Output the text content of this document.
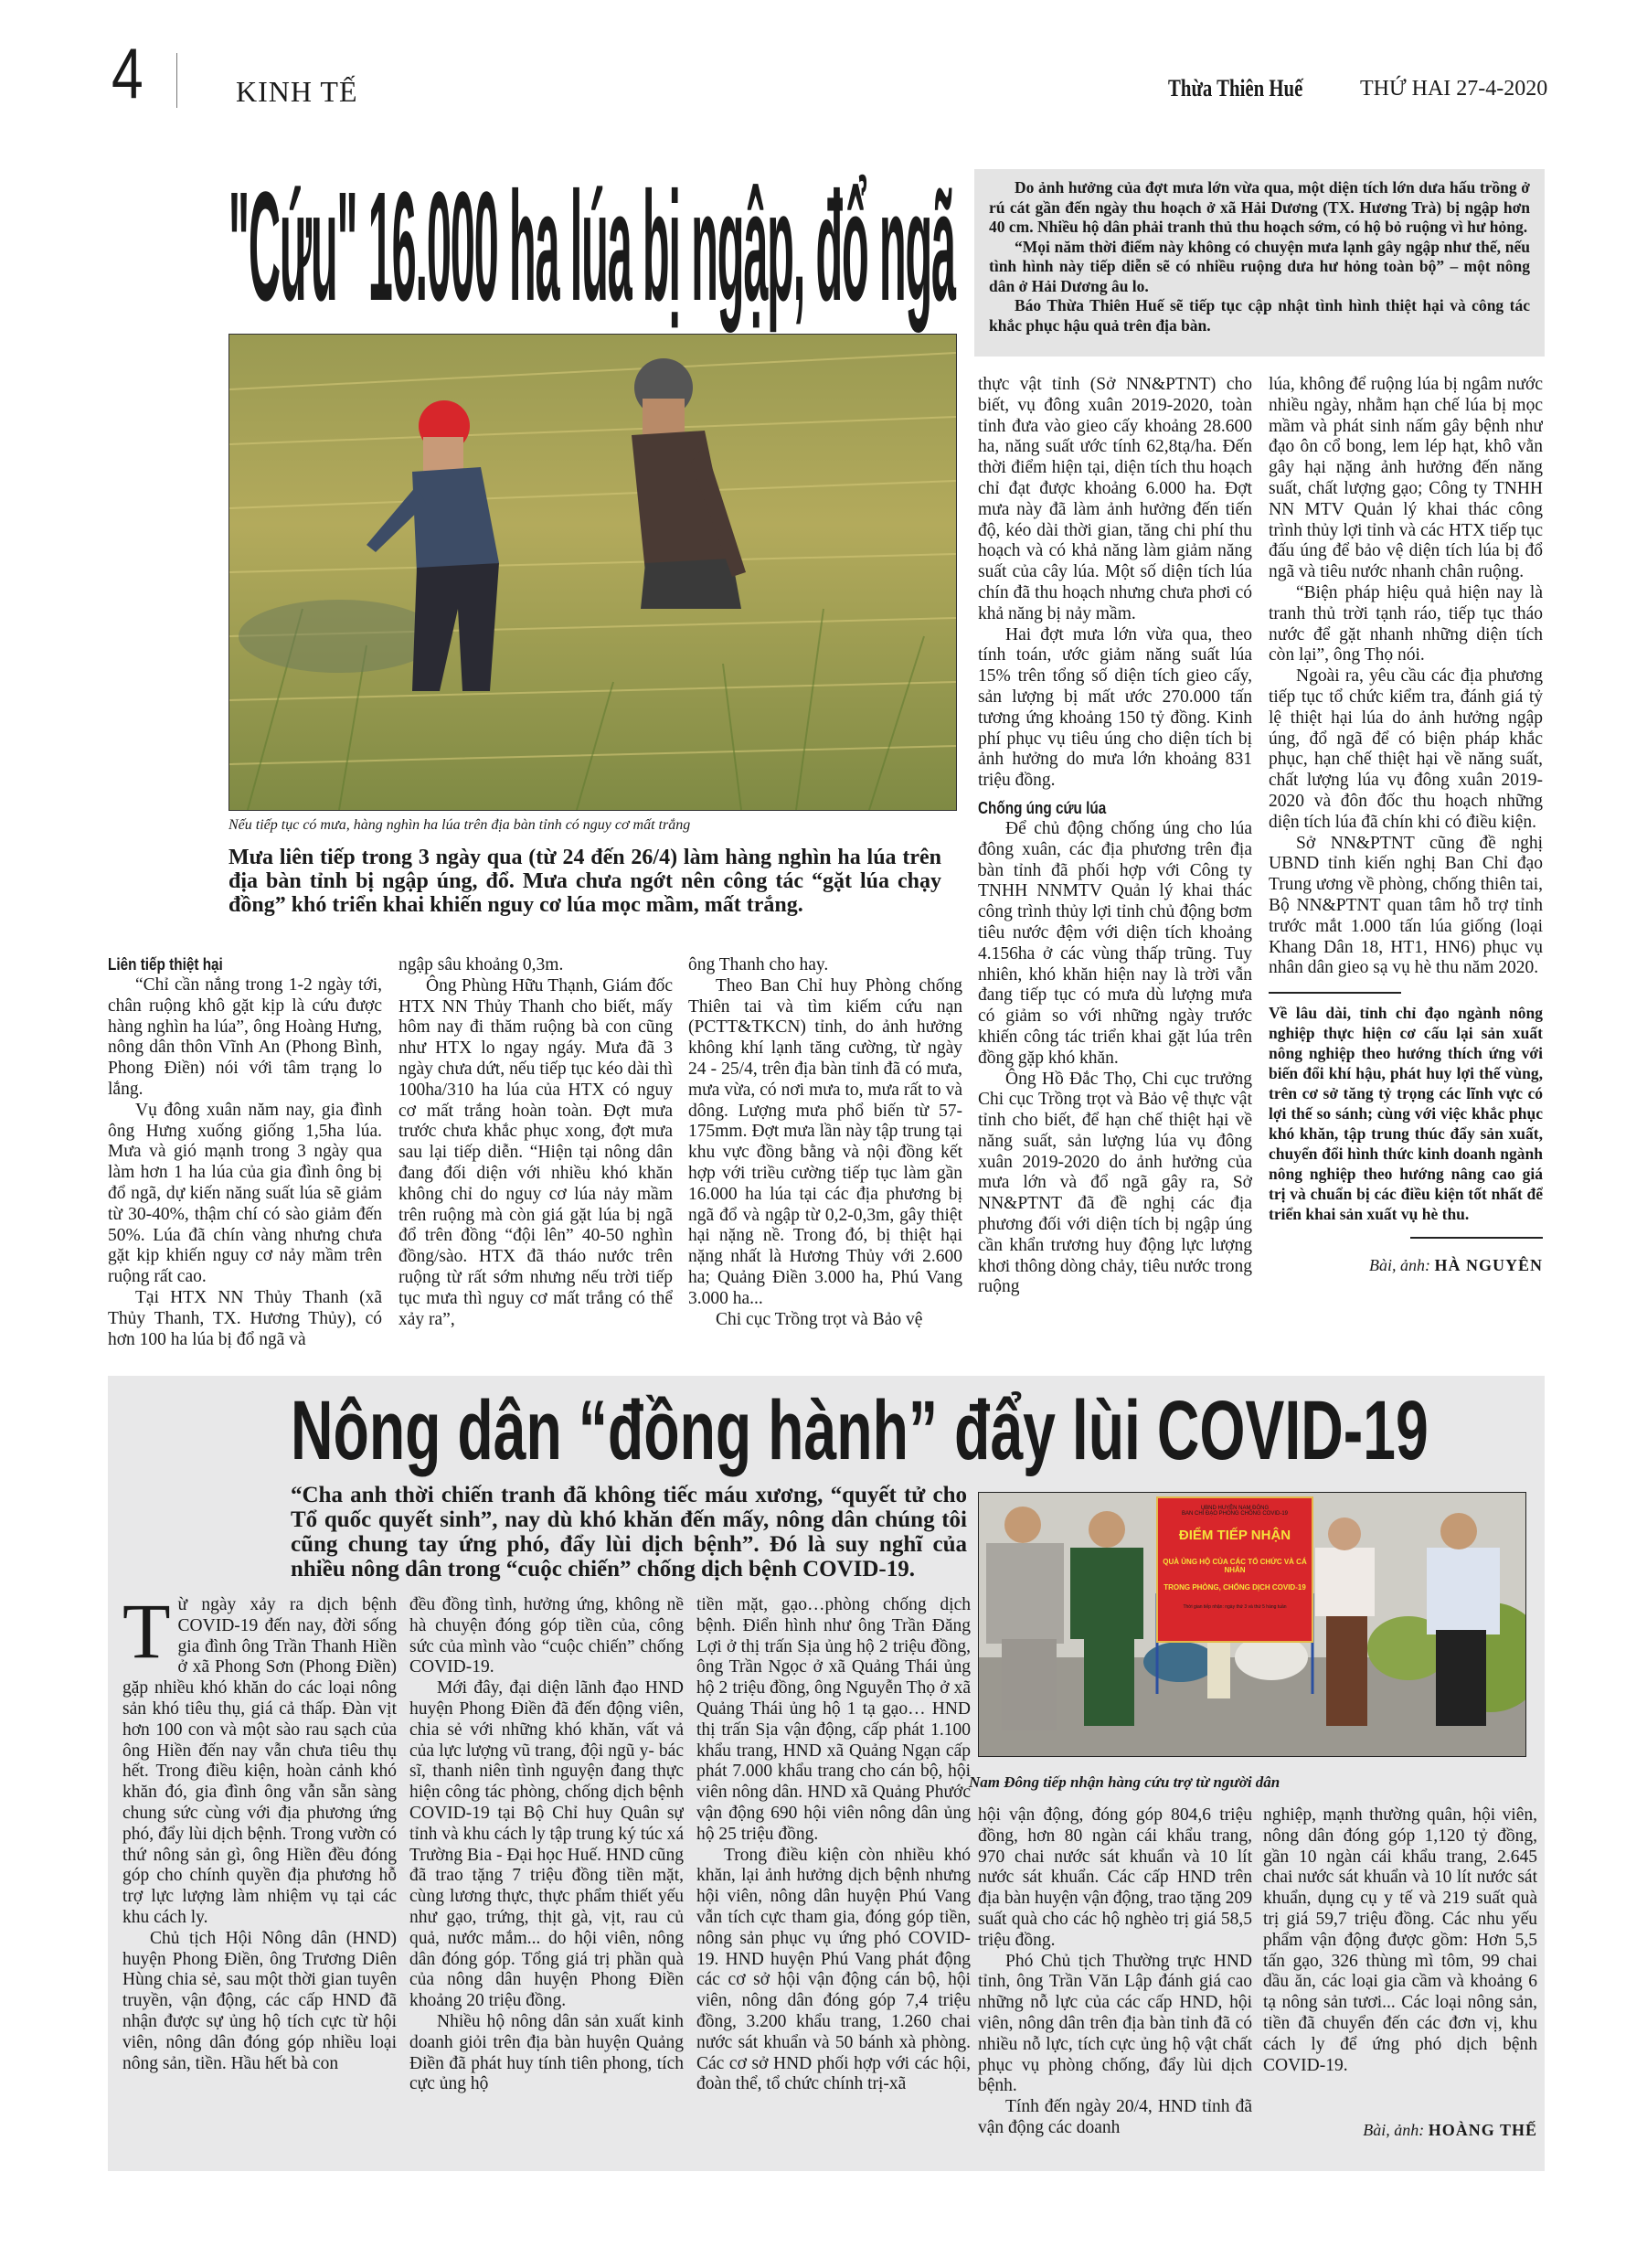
4	KINH TẾ	Thừa Thiên Huế	THỨ HAI 27-4-2020
"Cứu" 16.000 ha lúa bị ngập, đổ ngã	Do ảnh hưởng của đợt mưa lớn vừa qua, một diện tích lớn dưa hấu trồng ở rú cát gần đến ngày thu hoạch ở xã Hải Dương (TX. Hương Trà) bị ngập hơn 40 cm. Nhiều hộ dân phải tranh thủ thu hoạch sớm, có hộ bỏ ruộng vì hư hỏng.

“Mọi năm thời điểm này không có chuyện mưa lạnh gây ngập như thế, nếu tình hình này tiếp diễn sẽ có nhiều ruộng dưa hư hỏng toàn bộ” – một nông dân ở Hải Dương âu lo.

Báo Thừa Thiên Huế sẽ tiếp tục cập nhật tình hình thiệt hại và công tác khắc phục hậu quả trên địa bàn.

Nếu tiếp tục có mưa, hàng nghìn ha lúa trên địa bàn tỉnh có nguy cơ mất trắng
Mưa liên tiếp trong 3 ngày qua (từ 24 đến 26/4) làm hàng nghìn ha lúa trên địa bàn tỉnh bị ngập úng, đổ. Mưa chưa ngớt nên công tác “gặt lúa chạy đồng” khó triển khai khiến nguy cơ lúa mọc mầm, mất trắng.
Liên tiếp thiệt hại

“Chỉ cần nắng trong 1-2 ngày tới, chân ruộng khô gặt kịp là cứu được hàng nghìn ha lúa”, ông Hoàng Hưng, nông dân thôn Vĩnh An (Phong Bình, Phong Điền) nói với tâm trạng lo lắng.

Vụ đông xuân năm nay, gia đình ông Hưng xuống giống 1,5ha lúa. Mưa và gió mạnh trong 3 ngày qua làm hơn 1 ha lúa của gia đình ông bị đổ ngã, dự kiến năng suất lúa sẽ giảm từ 30-40%, thậm chí có sào giảm đến 50%. Lúa đã chín vàng nhưng chưa gặt kịp khiến nguy cơ nảy mầm trên ruộng rất cao.

Tại HTX NN Thủy Thanh (xã Thủy Thanh, TX. Hương Thủy), có hơn 100 ha lúa bị đổ ngã và

ngập sâu khoảng 0,3m.

Ông Phùng Hữu Thạnh, Giám đốc HTX NN Thủy Thanh cho biết, mấy hôm nay đi thăm ruộng bà con cũng như HTX lo ngay ngáy. Mưa đã 3 ngày chưa dứt, nếu tiếp tục kéo dài thì 100ha/310 ha lúa của HTX có nguy cơ mất trắng hoàn toàn. Đợt mưa trước chưa khắc phục xong, đợt mưa sau lại tiếp diễn. “Hiện tại nông dân đang đối diện với nhiều khó khăn không chỉ do nguy cơ lúa nảy mầm trên ruộng mà còn giá gặt lúa bị ngã đổ trên đồng “đội lên” 40-50 nghìn đồng/sào. HTX đã tháo nước trên ruộng từ rất sớm nhưng nếu trời tiếp tục mưa thì nguy cơ mất trắng có thể xảy ra”,

ông Thanh cho hay.

Theo Ban Chỉ huy Phòng chống Thiên tai và tìm kiếm cứu nạn (PCTT&TKCN) tỉnh, do ảnh hưởng không khí lạnh tăng cường, từ ngày 24 - 25/4, trên địa bàn tỉnh đã có mưa, mưa vừa, có nơi mưa to, mưa rất to và dông. Lượng mưa phổ biến từ 57-175mm. Đợt mưa lần này tập trung tại khu vực đồng bằng và nội đồng kết hợp với triều cường tiếp tục làm gần 16.000 ha lúa tại các địa phương bị ngã đổ và ngập từ 0,2-0,3m, gây thiệt hại nặng nề. Trong đó, bị thiệt hại nặng nhất là Hương Thủy với 2.600 ha; Quảng Điền 3.000 ha, Phú Vang 3.000 ha...

Chi cục Trồng trọt và Bảo vệ

thực vật tỉnh (Sở NN&PTNT) cho biết, vụ đông xuân 2019-2020, toàn tỉnh đưa vào gieo cấy khoảng 28.600 ha, năng suất ước tính 62,8tạ/ha. Đến thời điểm hiện tại, diện tích thu hoạch chỉ đạt được khoảng 6.000 ha. Đợt mưa này đã làm ảnh hưởng đến tiến độ, kéo dài thời gian, tăng chi phí thu hoạch và có khả năng làm giảm năng suất của cây lúa. Một số diện tích lúa chín đã thu hoạch nhưng chưa phơi có khả năng bị nảy mầm.

Hai đợt mưa lớn vừa qua, theo tính toán, ước giảm năng suất lúa 15% trên tổng số diện tích gieo cấy, sản lượng bị mất ước 270.000 tấn tương ứng khoảng 150 tỷ đồng. Kinh phí phục vụ tiêu úng cho diện tích bị ảnh hưởng do mưa lớn khoảng 831 triệu đồng.

Chống úng cứu lúa

Để chủ động chống úng cho lúa đông xuân, các địa phương trên địa bàn tỉnh đã phối hợp với Công ty TNHH NNMTV Quản lý khai thác công trình thủy lợi tỉnh chủ động bơm tiêu nước đệm với diện tích khoảng 4.156ha ở các vùng thấp trũng. Tuy nhiên, khó khăn hiện nay là trời vẫn đang tiếp tục có mưa dù lượng mưa có giảm so với những ngày trước khiến công tác triển khai gặt lúa trên đồng gặp khó khăn.

Ông Hồ Đắc Thọ, Chi cục trưởng Chi cục Trồng trọt và Bảo vệ thực vật tỉnh cho biết, để hạn chế thiệt hại về năng suất, sản lượng lúa vụ đông xuân 2019-2020 do ảnh hưởng của mưa lớn và đổ ngã gây ra, Sở NN&PTNT đã đề nghị các địa phương đối với diện tích bị ngập úng cần khẩn trương huy động lực lượng khơi thông dòng chảy, tiêu nước trong ruộng

lúa, không để ruộng lúa bị ngâm nước nhiều ngày, nhằm hạn chế lúa bị mọc mầm và phát sinh nấm gây bệnh như đạo ôn cổ bong, lem lép hạt, khô vằn gây hại nặng ảnh hưởng đến năng suất, chất lượng gạo; Công ty TNHH NN MTV Quản lý khai thác công trình thủy lợi tỉnh và các HTX tiếp tục đấu úng để bảo vệ diện tích lúa bị đổ ngã và tiêu nước nhanh chân ruộng.

“Biện pháp hiệu quả hiện nay là tranh thủ trời tạnh ráo, tiếp tục tháo nước để gặt nhanh những diện tích còn lại”, ông Thọ nói.

Ngoài ra, yêu cầu các địa phương tiếp tục tổ chức kiểm tra, đánh giá tỷ lệ thiệt hại lúa do ảnh hưởng ngập úng, đổ ngã để có biện pháp khắc phục, hạn chế thiệt hại về năng suất, chất lượng lúa vụ đông xuân 2019-2020 và đôn đốc thu hoạch những diện tích lúa đã chín khi có điều kiện.

Sở NN&PTNT cũng đề nghị UBND tỉnh kiến nghị Ban Chỉ đạo Trung ương về phòng, chống thiên tai, Bộ NN&PTNT quan tâm hỗ trợ tỉnh trước mắt 1.000 tấn lúa giống (loại Khang Dân 18, HT1, HN6) phục vụ nhân dân gieo sạ vụ hè thu năm 2020.

Về lâu dài, tỉnh chỉ đạo ngành nông nghiệp thực hiện cơ cấu lại sản xuất nông nghiệp theo hướng thích ứng với biến đổi khí hậu, phát huy lợi thế vùng, trên cơ sở tăng tỷ trọng các lĩnh vực có lợi thế so sánh; cùng với việc khắc phục khó khăn, tập trung thúc đẩy sản xuất, chuyển đổi hình thức kinh doanh ngành nông nghiệp theo hướng nâng cao giá trị và chuẩn bị các điều kiện tốt nhất để triển khai sản xuất vụ hè thu.
Bài, ảnh: HÀ NGUYÊN
Nông dân “đồng hành” đẩy lùi COVID-19
“Cha anh thời chiến tranh đã không tiếc máu xương, “quyết tử cho Tổ quốc quyết sinh”, nay dù khó khăn đến mấy, nông dân chúng tôi cũng chung tay ứng phó, đẩy lùi dịch bệnh”. Đó là suy nghĩ của nhiều nông dân trong “cuộc chiến” chống dịch bệnh COVID-19.
UBND HUYỆN NAM ĐÔNG
BAN CHỈ ĐẠO PHÒNG CHỐNG COVID-19
ĐIỂM TIẾP NHẬN
QUÀ ỦNG HỘ CỦA CÁC TỔ CHỨC VÀ CÁ NHÂN
TRONG PHÒNG, CHỐNG DỊCH COVID-19
Thời gian tiếp nhận: ngày thứ 3 và thứ 5 hàng tuần
Nam Đông tiếp nhận hàng cứu trợ từ người dân

Từ ngày xảy ra dịch bệnh COVID-19 đến nay, đời sống gia đình ông Trần Thanh Hiền ở xã Phong Sơn (Phong Điền) gặp nhiều khó khăn do các loại nông sản khó tiêu thụ, giá cả thấp. Đàn vịt hơn 100 con và một sào rau sạch của ông Hiền đến nay vẫn chưa tiêu thụ hết. Trong điều kiện, hoàn cảnh khó khăn đó, gia đình ông vẫn sẵn sàng chung sức cùng với địa phương ứng phó, đẩy lùi dịch bệnh. Trong vườn có thứ nông sản gì, ông Hiền đều đóng góp cho chính quyền địa phương hỗ trợ lực lượng làm nhiệm vụ tại các khu cách ly.

Chủ tịch Hội Nông dân (HND) huyện Phong Điền, ông Trương Diên Hùng chia sẻ, sau một thời gian tuyên truyền, vận động, các cấp HND đã nhận được sự ủng hộ tích cực từ hội viên, nông dân đóng góp nhiều loại nông sản, tiền. Hầu hết bà con

đều đồng tình, hưởng ứng, không nề hà chuyện đóng góp tiền của, công sức của mình vào “cuộc chiến” chống COVID-19.

Mới đây, đại diện lãnh đạo HND huyện Phong Điền đã đến động viên, chia sẻ với những khó khăn, vất vả của lực lượng vũ trang, đội ngũ y- bác sĩ, thanh niên tình nguyện đang thực hiện công tác phòng, chống dịch bệnh COVID-19 tại Bộ Chỉ huy Quân sự tỉnh và khu cách ly tập trung ký túc xá Trường Bia - Đại học Huế. HND cũng đã trao tặng 7 triệu đồng tiền mặt, cùng lương thực, thực phẩm thiết yếu như gạo, trứng, thịt gà, vịt, rau củ quả, nước mắm... do hội viên, nông dân đóng góp. Tổng giá trị phần quà của nông dân huyện Phong Điền khoảng 20 triệu đồng.

Nhiều hộ nông dân sản xuất kinh doanh giỏi trên địa bàn huyện Quảng Điền đã phát huy tính tiên phong, tích cực ủng hộ

tiền mặt, gạo…phòng chống dịch bệnh. Điển hình như ông Trần Đăng Lợi ở thị trấn Sịa ủng hộ 2 triệu đồng, ông Trần Ngọc ở xã Quảng Thái ủng hộ 2 triệu đồng, ông Nguyễn Thọ ở xã Quảng Thái ủng hộ 1 tạ gạo… HND thị trấn Sịa vận động, cấp phát 1.100 khẩu trang, HND xã Quảng Ngạn cấp phát 7.000 khẩu trang cho cán bộ, hội viên nông dân. HND xã Quảng Phước vận động 690 hội viên nông dân ủng hộ 25 triệu đồng.

Trong điều kiện còn nhiều khó khăn, lại ảnh hưởng dịch bệnh nhưng hội viên, nông dân huyện Phú Vang vẫn tích cực tham gia, đóng góp tiền, nông sản phục vụ ứng phó COVID-19. HND huyện Phú Vang phát động các cơ sở hội vận động cán bộ, hội viên, nông dân đóng góp 7,4 triệu đồng, 3.200 khẩu trang, 1.260 chai nước sát khuẩn và 50 bánh xà phòng. Các cơ sở HND phối hợp với các hội, đoàn thể, tổ chức chính trị-xã

hội vận động, đóng góp 804,6 triệu đồng, hơn 80 ngàn cái khẩu trang, 970 chai nước sát khuẩn và 10 lít nước sát khuẩn. Các cấp HND trên địa bàn huyện vận động, trao tặng 209 suất quà cho các hộ nghèo trị giá 58,5 triệu đồng.

Phó Chủ tịch Thường trực HND tỉnh, ông Trần Văn Lập đánh giá cao những nỗ lực của các cấp HND, hội viên, nông dân trên địa bàn tỉnh đã có nhiều nỗ lực, tích cực ủng hộ vật chất phục vụ phòng chống, đẩy lùi dịch bệnh.

Tính đến ngày 20/4, HND tỉnh đã vận động các doanh

nghiệp, mạnh thường quân, hội viên, nông dân đóng góp 1,120 tỷ đồng, gần 10 ngàn cái khẩu trang, 2.645 chai nước sát khuẩn và 10 lít nước sát khuẩn, dụng cụ y tế và 219 suất quà trị giá 59,7 triệu đồng. Các nhu yếu phẩm vận động được gồm: Hơn 5,5 tấn gạo, 326 thùng mì tôm, 99 chai dầu ăn, các loại gia cầm và khoảng 6 tạ nông sản tươi... Các loại nông sản, tiền đã chuyển đến các đơn vị, khu cách ly để ứng phó dịch bệnh COVID-19.

Bài, ảnh: HOÀNG THẾ
